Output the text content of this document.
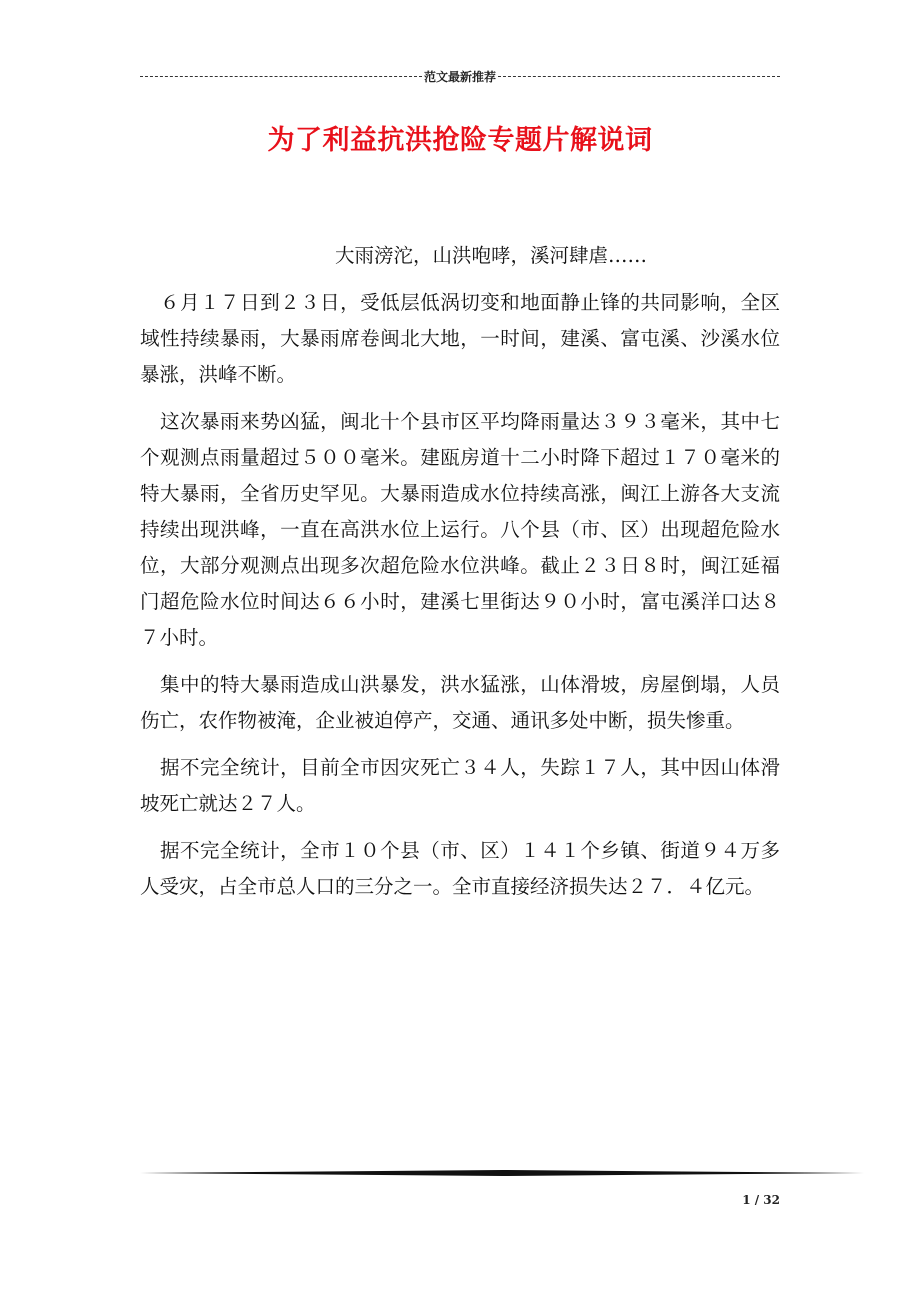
范文最新推荐
为了利益抗洪抢险专题片解说词

大雨滂沱，山洪咆哮，溪河肆虐……

６月１７日到２３日，受低层低涡切变和地面静止锋的共同影响，全区域性持续暴雨，大暴雨席卷闽北大地，一时间，建溪、富屯溪、沙溪水位暴涨，洪峰不断。

这次暴雨来势凶猛，闽北十个县市区平均降雨量达３９３毫米，其中七个观测点雨量超过５００毫米。建瓯房道十二小时降下超过１７０毫米的特大暴雨，全省历史罕见。大暴雨造成水位持续高涨，闽江上游各大支流持续出现洪峰，一直在高洪水位上运行。八个县（市、区）出现超危险水位，大部分观测点出现多次超危险水位洪峰。截止２３日８时，闽江延福门超危险水位时间达６６小时，建溪七里街达９０小时，富屯溪洋口达８７小时。

集中的特大暴雨造成山洪暴发，洪水猛涨，山体滑坡，房屋倒塌，人员伤亡，农作物被淹，企业被迫停产，交通、通讯多处中断，损失惨重。

据不完全统计，目前全市因灾死亡３４人，失踪１７人，其中因山体滑坡死亡就达２７人。

据不完全统计，全市１０个县（市、区）１４１个乡镇、街道９４万多人受灾，占全市总人口的三分之一。全市直接经济损失达２７．４亿元。

1 / 32
